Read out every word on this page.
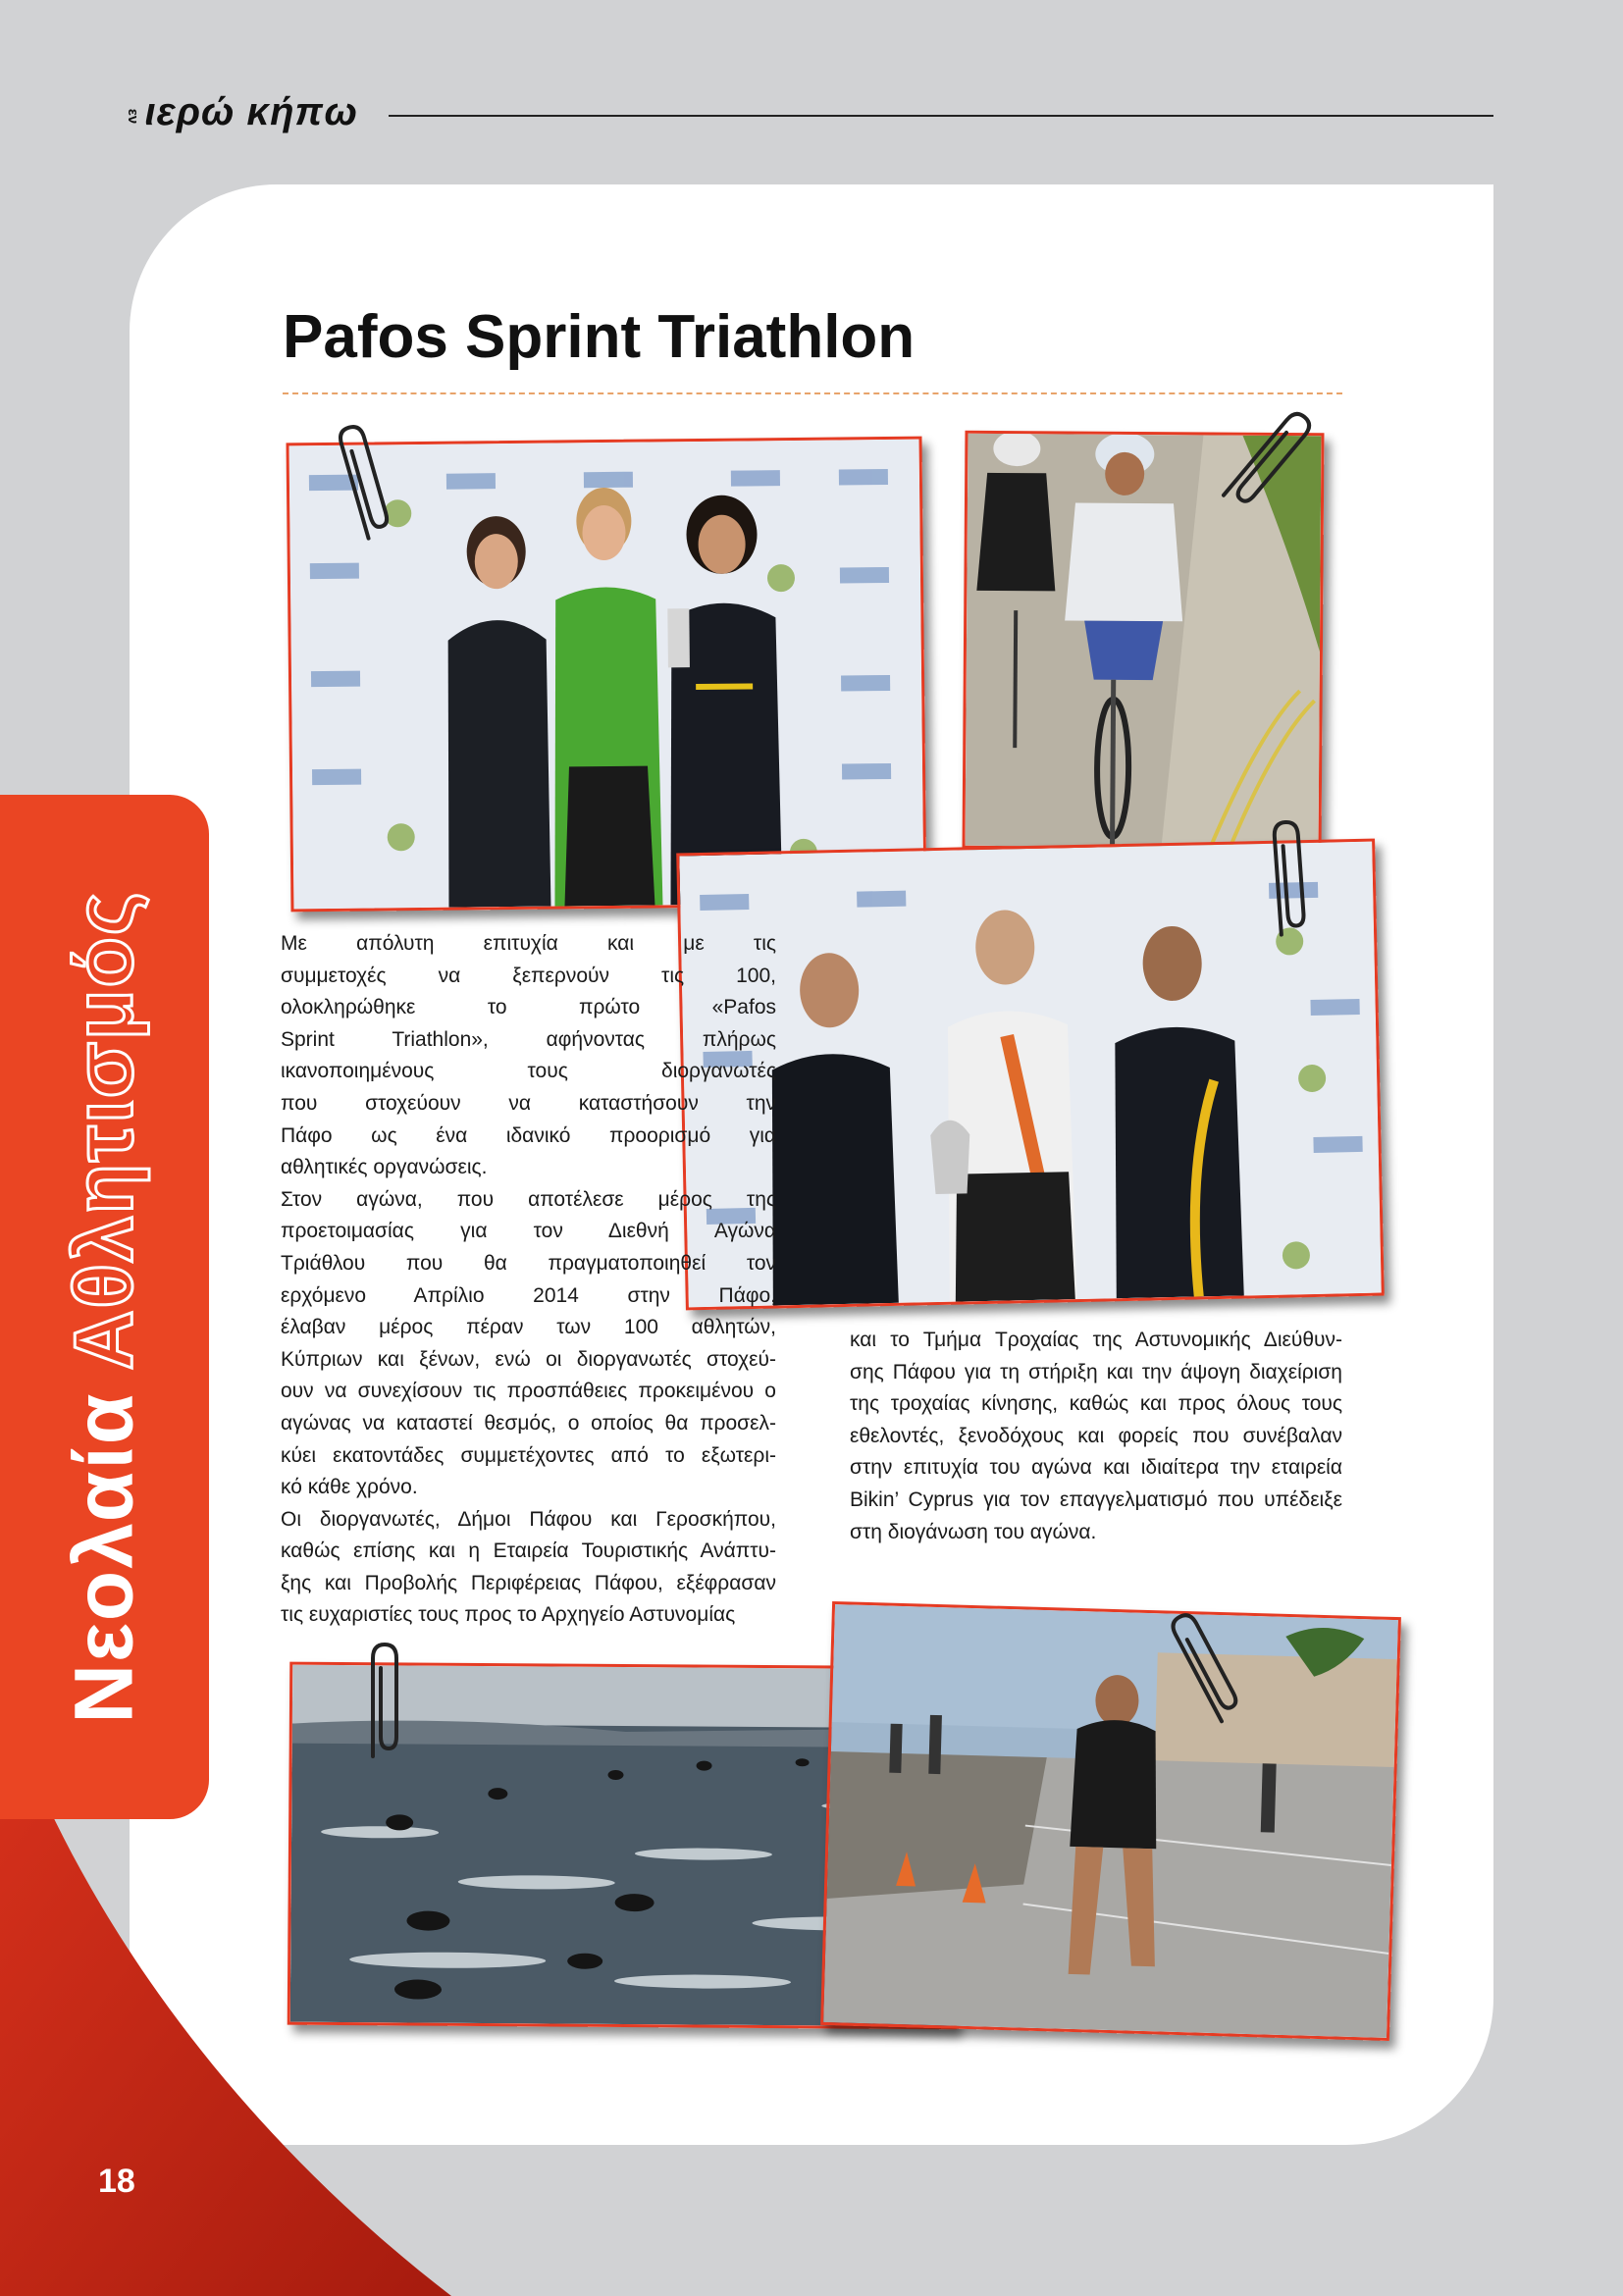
εν ιερώ κήπω
Νεολαία Αθλητισμός
18
Pafos Sprint Triathlon
Με απόλυτη επιτυχία και με τις
συμμετοχές να ξεπερνούν τις 100,
ολοκληρώθηκε το πρώτο «Pafos
Sprint Triathlon», αφήνοντας πλήρως
ικανοποιημένους τους διοργανωτές
που στοχεύουν να καταστήσουν την
Πάφο ως ένα ιδανικό προορισμό για
αθλητικές οργανώσεις.
Στον αγώνα, που αποτέλεσε μέρος της
προετοιμασίας για τον Διεθνή Αγώνα
Τριάθλου που θα πραγματοποιηθεί τον
ερχόμενο Απρίλιο 2014 στην Πάφο,
έλαβαν μέρος πέραν των 100 αθλητών,
Κύπριων και ξένων, ενώ οι διοργανωτές στοχεύ-
ουν να συνεχίσουν τις προσπάθειες προκειμένου ο
αγώνας να καταστεί θεσμός, ο οποίος θα προσελ-
κύει εκατοντάδες συμμετέχοντες από το εξωτερι-
κό κάθε χρόνο.
Οι διοργανωτές, Δήμοι Πάφου και Γεροσκήπου,
καθώς επίσης και η Εταιρεία Τουριστικής Ανάπτυ-
ξης και Προβολής Περιφέρειας Πάφου, εξέφρασαν
τις ευχαριστίες τους προς το Αρχηγείο Αστυνομίας
και το Τμήμα Τροχαίας της Αστυνομικής Διεύθυν-
σης Πάφου για τη στήριξη και την άψογη διαχείριση
της τροχαίας κίνησης, καθώς και προς όλους τους
εθελοντές, ξενοδόχους και φορείς που συνέβαλαν
στην επιτυχία του αγώνα και ιδιαίτερα την εταιρεία
Bikin’ Cyprus για τον επαγγελματισμό που υπέδειξε
στη διογάνωση του αγώνα.
